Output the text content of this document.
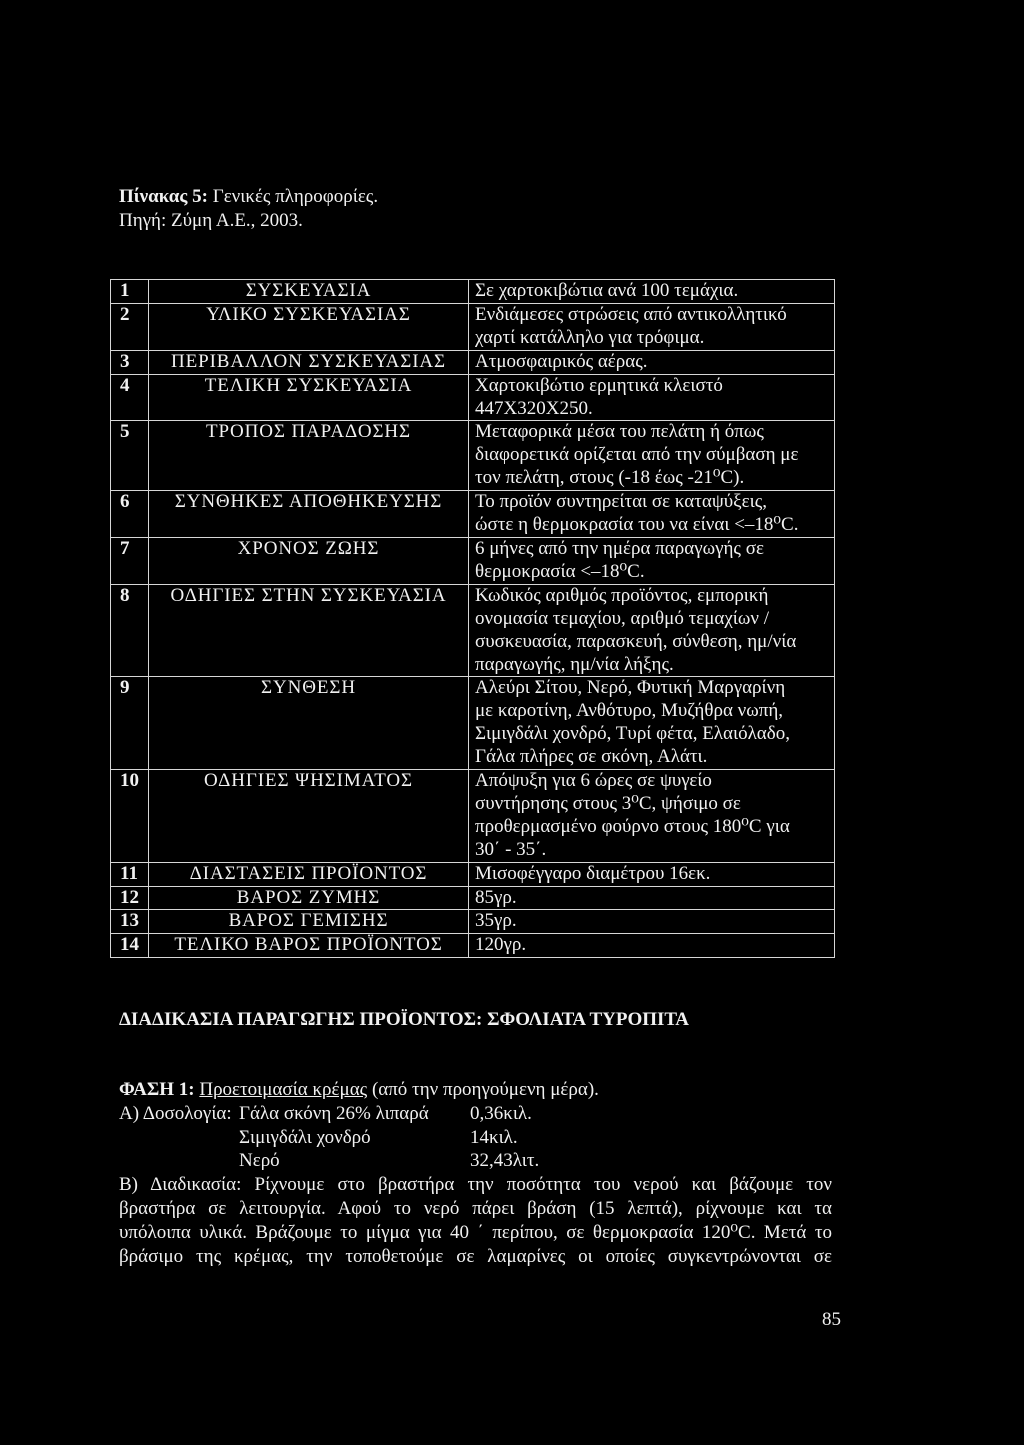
Πίνακας 5: Γενικές πληροφορίες.
Πηγή: Ζύμη Α.Ε., 2003.
1	ΣΥΣΚΕΥΑΣΙΑ	Σε χαρτοκιβώτια ανά 100 τεμάχια.

2	ΥΛΙΚΟ ΣΥΣΚΕΥΑΣΙΑΣ	Ενδιάμεσες στρώσεις από αντικολλητικό
χαρτί κατάλληλο για τρόφιμα.

3	ΠΕΡΙΒΑΛΛΟΝ ΣΥΣΚΕΥΑΣΙΑΣ	Ατμοσφαιρικός αέρας.

4	ΤΕΛΙΚΗ ΣΥΣΚΕΥΑΣΙΑ	Χαρτοκιβώτιο ερμητικά κλειστό
447Χ320Χ250.

5	ΤΡΟΠΟΣ ΠΑΡΑΔΟΣΗΣ	Μεταφορικά μέσα του πελάτη ή όπως
διαφορετικά ορίζεται από την σύμβαση με
τον πελάτη, στους (-18 έως -21⁰C).

6	ΣΥΝΘΗΚΕΣ ΑΠΟΘΗΚΕΥΣΗΣ	Το προϊόν συντηρείται σε καταψύξεις,
ώστε η θερμοκρασία του να είναι <–18⁰C.

7	ΧΡΟΝΟΣ ΖΩΗΣ	6 μήνες από την ημέρα παραγωγής σε
θερμοκρασία <–18⁰C.

8	ΟΔΗΓΙΕΣ ΣΤΗΝ ΣΥΣΚΕΥΑΣΙΑ	Κωδικός αριθμός προϊόντος, εμπορική
ονομασία τεμαχίου, αριθμό τεμαχίων /
συσκευασία, παρασκευή, σύνθεση, ημ/νία
παραγωγής, ημ/νία λήξης.

9	ΣΥΝΘΕΣΗ	Αλεύρι Σίτου, Νερό, Φυτική Μαργαρίνη
με καροτίνη, Ανθότυρο, Μυζήθρα νωπή,
Σιμιγδάλι χονδρό, Τυρί φέτα, Ελαιόλαδο,
Γάλα πλήρες σε σκόνη, Αλάτι.

10	ΟΔΗΓΙΕΣ ΨΗΣΙΜΑΤΟΣ	Απόψυξη για 6 ώρες σε ψυγείο
συντήρησης στους 3⁰C, ψήσιμο σε
προθερμασμένο φούρνο στους 180⁰C για
30΄ - 35΄.

11	ΔΙΑΣΤΑΣΕΙΣ ΠΡΟΪΟΝΤΟΣ	Μισοφέγγαρο διαμέτρου 16εκ.

12	ΒΑΡΟΣ ΖΥΜΗΣ	85γρ.

13	ΒΑΡΟΣ ΓΕΜΙΣΗΣ	35γρ.

14	ΤΕΛΙΚΟ ΒΑΡΟΣ ΠΡΟΪΟΝΤΟΣ	120γρ.
ΔΙΑΔΙΚΑΣΙΑ ΠΑΡΑΓΩΓΗΣ ΠΡΟΪΟΝΤΟΣ: ΣΦΟΛΙΑΤΑ ΤΥΡΟΠΙΤΑ
ΦΑΣΗ 1: Προετοιμασία κρέμας (από την προηγούμενη μέρα).
Α) Δοσολογία: Γάλα σκόνη 26% λιπαρά	0,36κιλ.
Σιμιγδάλι χονδρό	14κιλ.
Νερό	32,43λιτ.
Β) Διαδικασία: Ρίχνουμε στο βραστήρα την ποσότητα του νερού και βάζουμε τον
βραστήρα σε λειτουργία. Αφού το νερό πάρει βράση (15 λεπτά), ρίχνουμε και τα
υπόλοιπα υλικά. Βράζουμε το μίγμα για 40 ΄ περίπου, σε θερμοκρασία 120⁰C. Μετά το
βράσιμο της κρέμας, την τοποθετούμε σε λαμαρίνες οι οποίες συγκεντρώνονται σε
85
